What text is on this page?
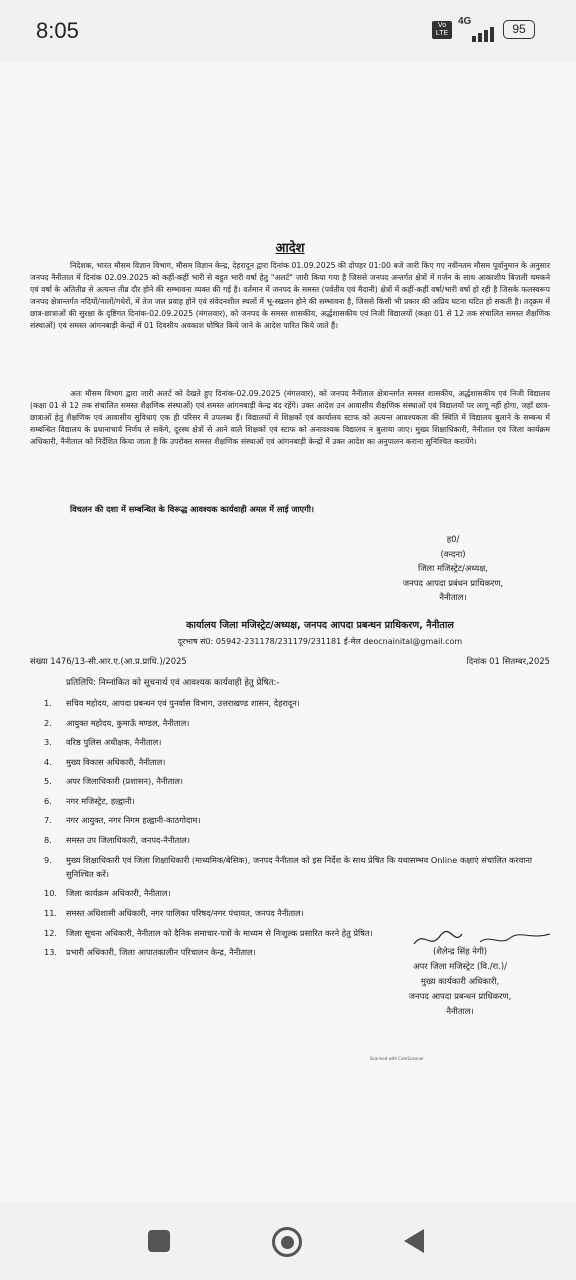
8:05	Vo
LTE
4G
95
आदेश
निदेशक, भारत मौसम विज्ञान विभाग, मौसम विज्ञान केन्द्र, देहरादून द्वारा दिनांक 01.09.2025 की दोपहर 01:00 बजे जारी किए गए नवीनतम मौसम पूर्वानुमान के अनुसार जनपद नैनीताल में दिनांक 02.09.2025 को कहीं-कहीं भारी से बहुत भारी वर्षा हेतु "अलर्ट" जारी किया गया है जिससे जनपद अन्तर्गत क्षेत्रों में गर्जन के साथ आकाशीय बिजली चमकने एवं वर्षा के अतितीव्र से अत्यन्त तीव्र दौर होने की सम्भावना व्यक्त की गई है। वर्तमान में जनपद के समस्त (पर्वतीय एवं मैदानी) क्षेत्रों में कहीं-कहीं वर्षा/भारी वर्षा हो रही है जिसके फलस्वरूप जनपद क्षेत्रान्तर्गत नदियों/नालों/गधेरों, में तेज जल प्रवाह होने एवं संवेदनशील स्थलों में भू-स्खलन होने की सम्भावना है, जिससे किसी भी प्रकार की अप्रिय घटना घटित हो सकती है। तद्क्रम में छात्र-छात्राओं की सुरक्षा के दृष्टिगत दिनांक-02.09.2025 (मंगलवार), को जनपद के समस्त शासकीय, अर्द्धशासकीय एवं निजी विद्यालयों (कक्षा 01 से 12 तक संचालित समस्त शैक्षणिक संस्थाओं) एवं समस्त आंगनबाड़ी केन्द्रों में 01 दिवसीय अवकाश घोषित किये जाने के आदेश पारित किये जाते हैं।
अतः मौसम विभाग द्वारा जारी अलर्ट को देखते हुए दिनांक-02.09.2025 (मंगलवार), को जनपद नैनीताल क्षेत्रान्तर्गत समस्त शासकीय, अर्द्धशासकीय एवं निजी विद्यालय (कक्षा 01 से 12 तक संचालित समस्त शैक्षणिक संस्थाओं) एवं समस्त आंगनबाड़ी केन्द्र बंद रहेंगे। उक्त आदेश उन आवासीय शैक्षणिक संस्थाओं एवं विद्यालयों पर लागू नहीं होगा, जहाँ छात्र-छात्राओं हेतु शैक्षणिक एवं आवासीय सुविधाएं एक ही परिसर में उपलब्ध हैं। विद्यालयों में शिक्षकों एवं कार्यालय स्टाफ को अत्यन्त आवश्यकता की स्थिति में विद्यालय बुलाने के सम्बन्ध में सम्बन्धित विद्यालय के प्रधानाचार्य निर्णय ले सकेंगे, दूरस्थ क्षेत्रों से आने वाले शिक्षकों एवं स्टाफ को अनावश्यक विद्यालय न बुलाया जाए। मुख्य शिक्षाधिकारी, नैनीताल एवं जिला कार्यक्रम अधिकारी, नैनीताल को निर्देशित किया जाता है कि उपरोक्त समस्त शैक्षणिक संस्थाओं एवं आंगनबाड़ी केन्द्रों में उक्त आदेश का अनुपालन कराना सुनिश्चित करायेंगे।
विचलन की दशा में सम्बन्धित के विरूद्ध आवश्यक कार्यवाही अमल में लाई जाएगी।
ह0/
(वन्दना)
जिला मजिस्ट्रेट/अध्यक्ष,
जनपद आपदा प्रबंधन प्राधिकरण,
नैनीताल।
कार्यालय जिला मजिस्ट्रेट/अध्यक्ष, जनपद आपदा प्रबन्धन प्राधिकरण, नैनीताल
दूरभाष सं0: 05942-231178/231179/231181 ई-मेल deocnainital@gmail.com
संख्या 1476/13-सी.आर.ए.(आ.प्र.प्राधि.)/2025	दिनांक 01 सितम्बर,2025
प्रतिलिपि: निम्नांकित को सूचनार्थ एवं आवश्यक कार्यवाही हेतु प्रेषित:-
1. सचिव महोदय, आपदा प्रबन्धन एवं पुनर्वास विभाग, उत्तराखण्ड शासन, देहरादून।
2. आयुक्त महोदय, कुमाऊँ मण्डल, नैनीताल।
3. वरिष्ठ पुलिस अधीक्षक, नैनीताल।
4. मुख्य विकास अधिकारी, नैनीताल।
5. अपर जिलाधिकारी (प्रशासन), नैनीताल।
6. नगर मजिस्ट्रेट, हल्द्वानी।
7. नगर आयुक्त, नगर निगम हल्द्वानी-काठगोदाम।
8. समस्त उप जिलाधिकारी, जनपद-नैनीताल।
9. मुख्य शिक्षाधिकारी एवं जिला शिक्षाधिकारी (माध्यमिक/बेसिक), जनपद नैनीताल को इस निर्देश के साथ प्रेषित कि यथासम्भव Online कक्षाएं संचालित करवाना सुनिश्चित करें।
10. जिला कार्यक्रम अधिकारी, नैनीताल।
11. समस्त अधिशासी अधिकारी, नगर पालिका परिषद/नगर पंचायत, जनपद नैनीताल।
12. जिला सूचना अधिकारी, नैनीताल को दैनिक समाचार-पत्रों के माध्यम से निःशुल्क प्रसारित करने हेतु प्रेषित।
13. प्रभारी अधिकारी, जिला आपातकालीन परिचालन केन्द्र, नैनीताल।	(शैलेन्द्र सिंह नेगी)
अपर जिला मजिस्ट्रेट (वि./रा.)/
मुख्य कार्यकारी अधिकारी,
जनपद आपदा प्रबन्धन प्राधिकरण,
नैनीताल।
Scanned with CamScanner
